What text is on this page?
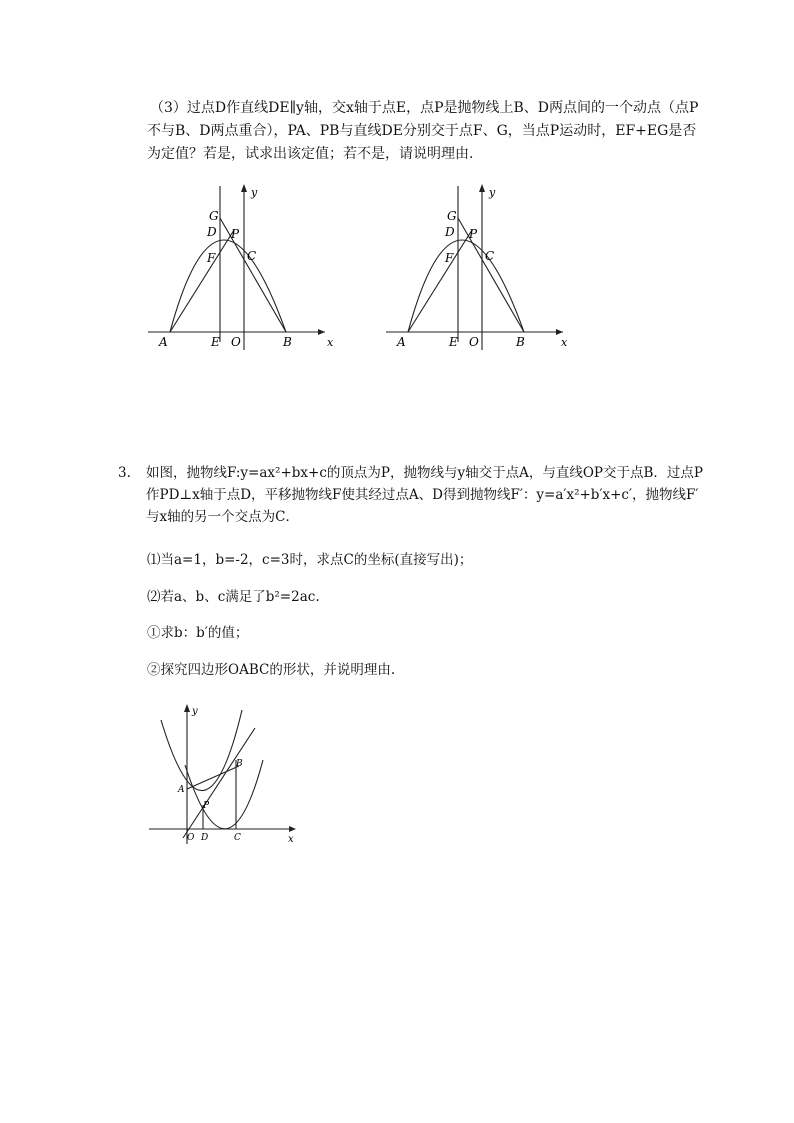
（3）过点D作直线DE∥y轴，交x轴于点E，点P是抛物线上B、D两点间的一个动点（点P不与B、D两点重合），PA、PB与直线DE分别交于点F、G，当点P运动时，EF+EG是否为定值？若是，试求出该定值；若不是，请说明理由.
G
D P
F	C
A	E O	B	x
y
G
D P
F	C
A	E O	B	x
y
3. 如图，抛物线F:y=ax²+bx+c的顶点为P，抛物线与y轴交于点A，与直线OP交于点B．过点P作PD⊥x轴于点D，平移抛物线F使其经过点A、D得到抛物线F′：y=a′x²+b′x+c′，抛物线F′与x轴的另一个交点为C．
⑴当a=1，b=-2，c=3时，求点C的坐标(直接写出)；
⑵若a、b、c满足了b²=2ac.
①求b：b′的值；
②探究四边形OABC的形状，并说明理由.
y
x
A
B
P
O D	C
